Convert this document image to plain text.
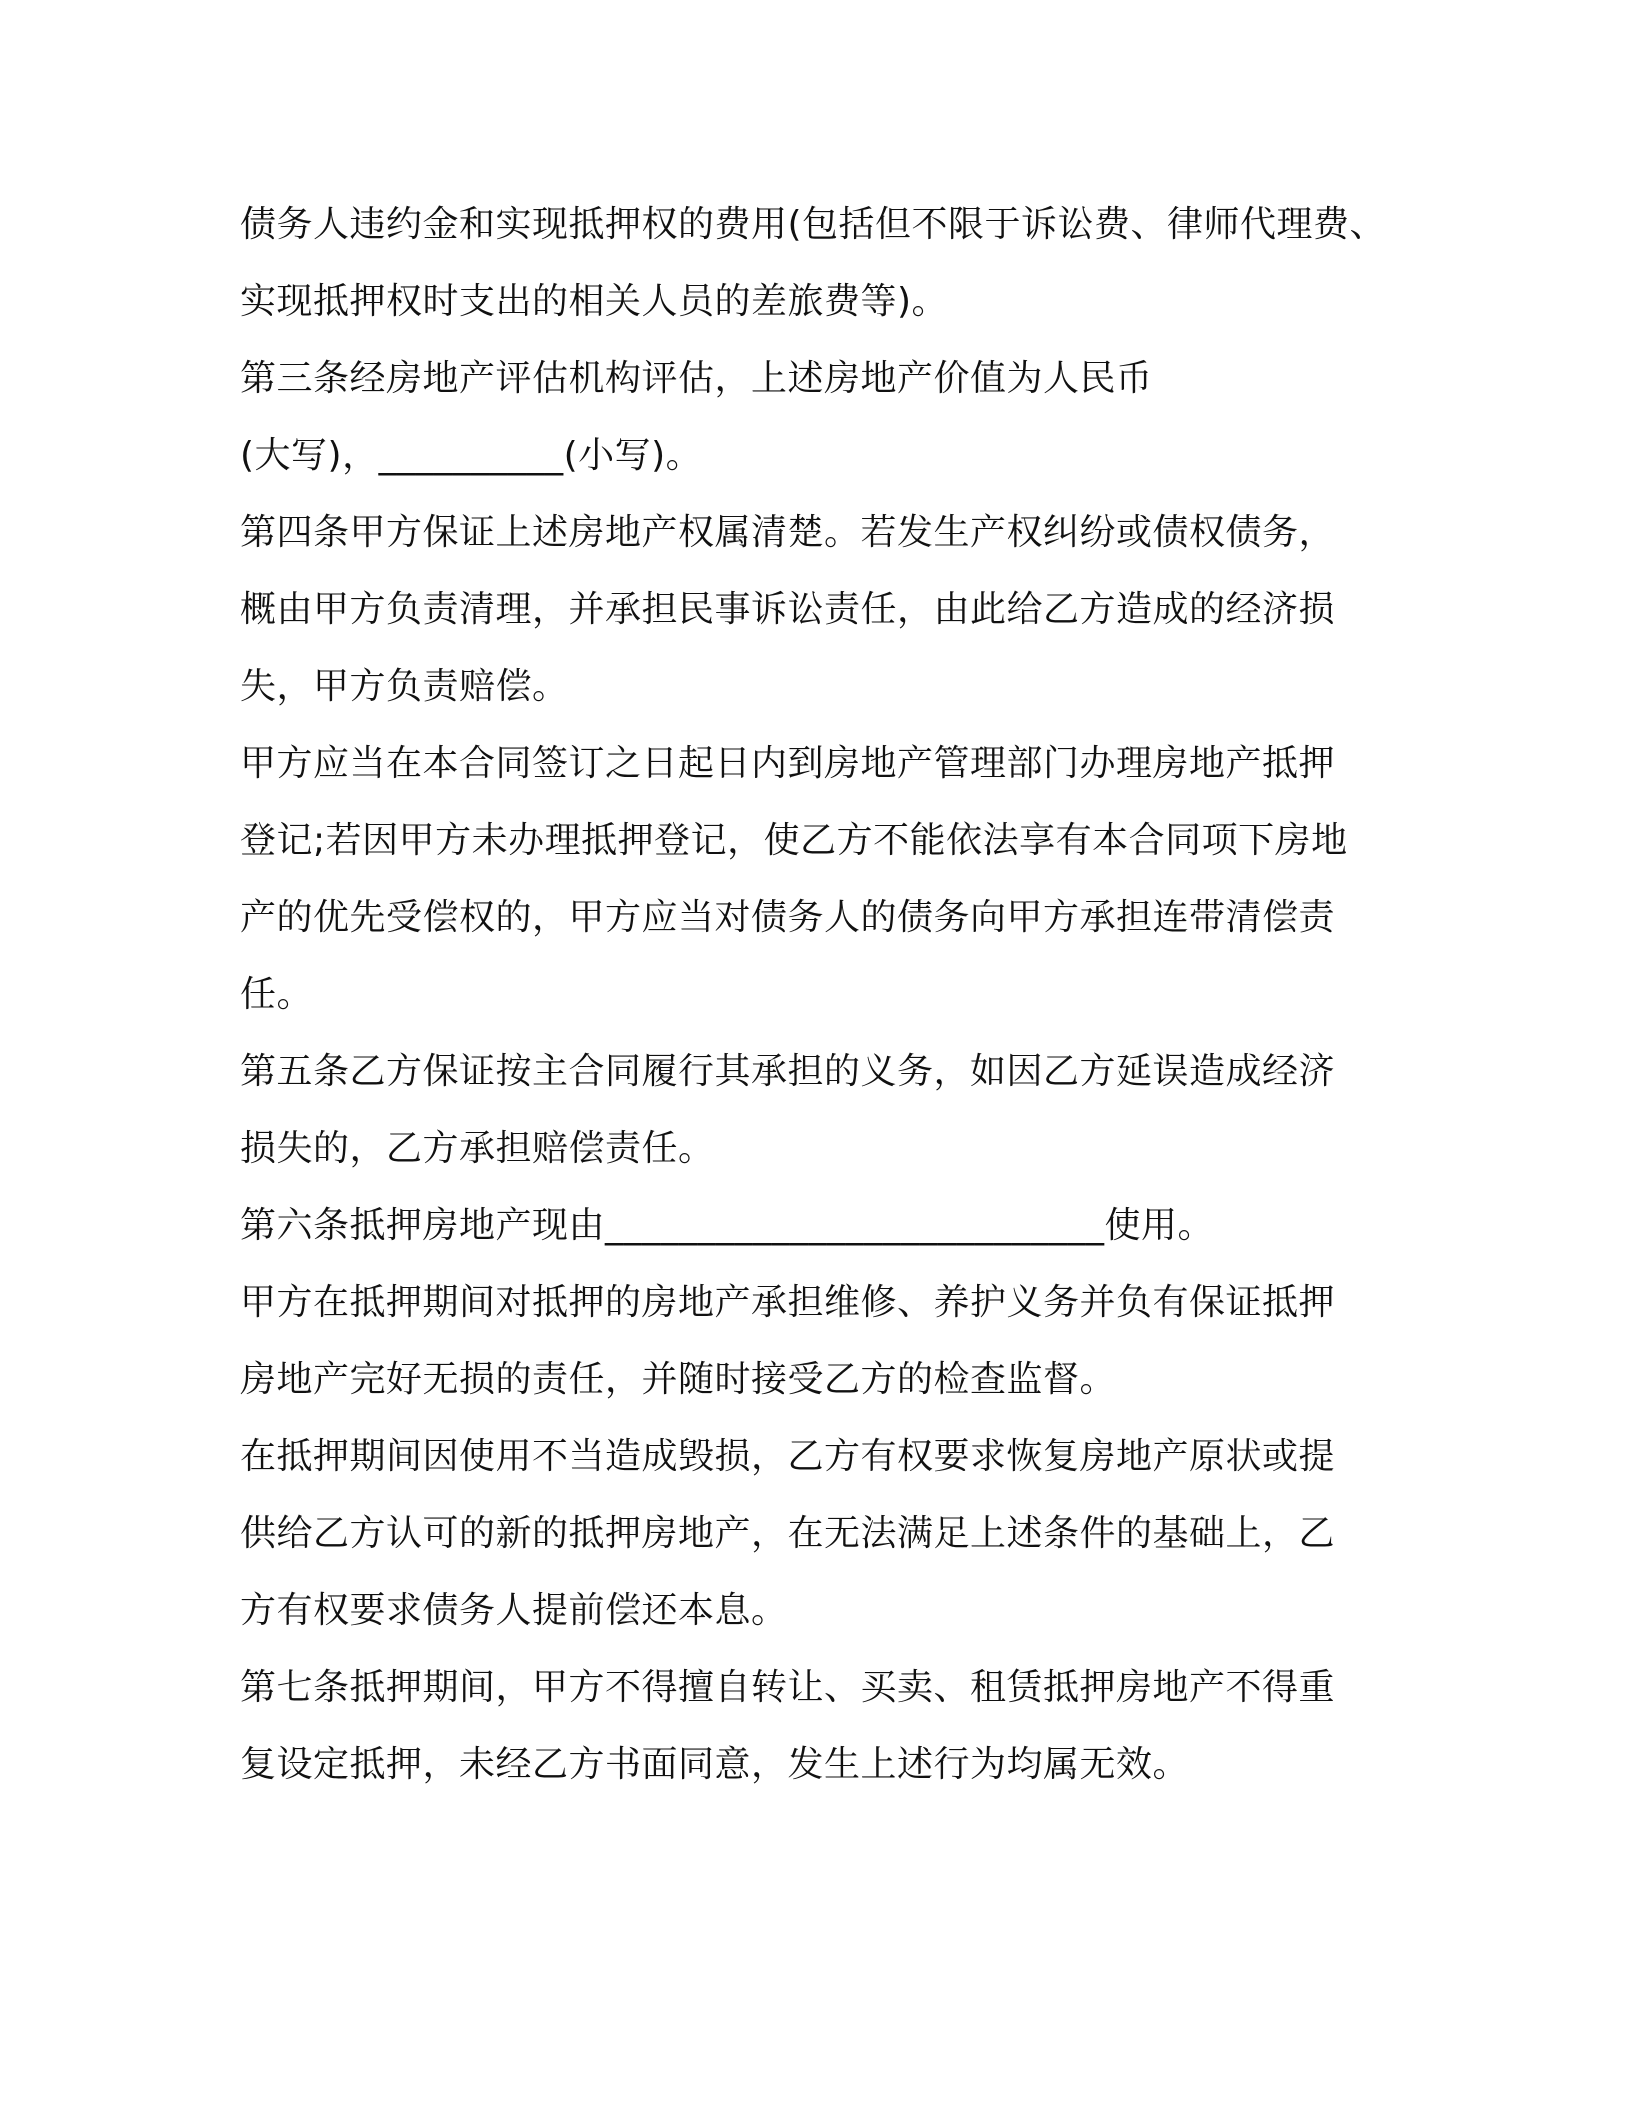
债务人违约金和实现抵押权的费用(包括但不限于诉讼费、律师代理费、
实现抵押权时支出的相关人员的差旅费等)。
第三条经房地产评估机构评估，上述房地产价值为人民币
(大写)，__________(小写)。
第四条甲方保证上述房地产权属清楚。若发生产权纠纷或债权债务，
概由甲方负责清理，并承担民事诉讼责任，由此给乙方造成的经济损
失，甲方负责赔偿。
甲方应当在本合同签订之日起日内到房地产管理部门办理房地产抵押
登记;若因甲方未办理抵押登记，使乙方不能依法享有本合同项下房地
产的优先受偿权的，甲方应当对债务人的债务向甲方承担连带清偿责
任。
第五条乙方保证按主合同履行其承担的义务，如因乙方延误造成经济
损失的，乙方承担赔偿责任。
第六条抵押房地产现由___________________________使用。
甲方在抵押期间对抵押的房地产承担维修、养护义务并负有保证抵押
房地产完好无损的责任，并随时接受乙方的检查监督。
在抵押期间因使用不当造成毁损，乙方有权要求恢复房地产原状或提
供给乙方认可的新的抵押房地产，在无法满足上述条件的基础上，乙
方有权要求债务人提前偿还本息。
第七条抵押期间，甲方不得擅自转让、买卖、租赁抵押房地产不得重
复设定抵押，未经乙方书面同意，发生上述行为均属无效。
